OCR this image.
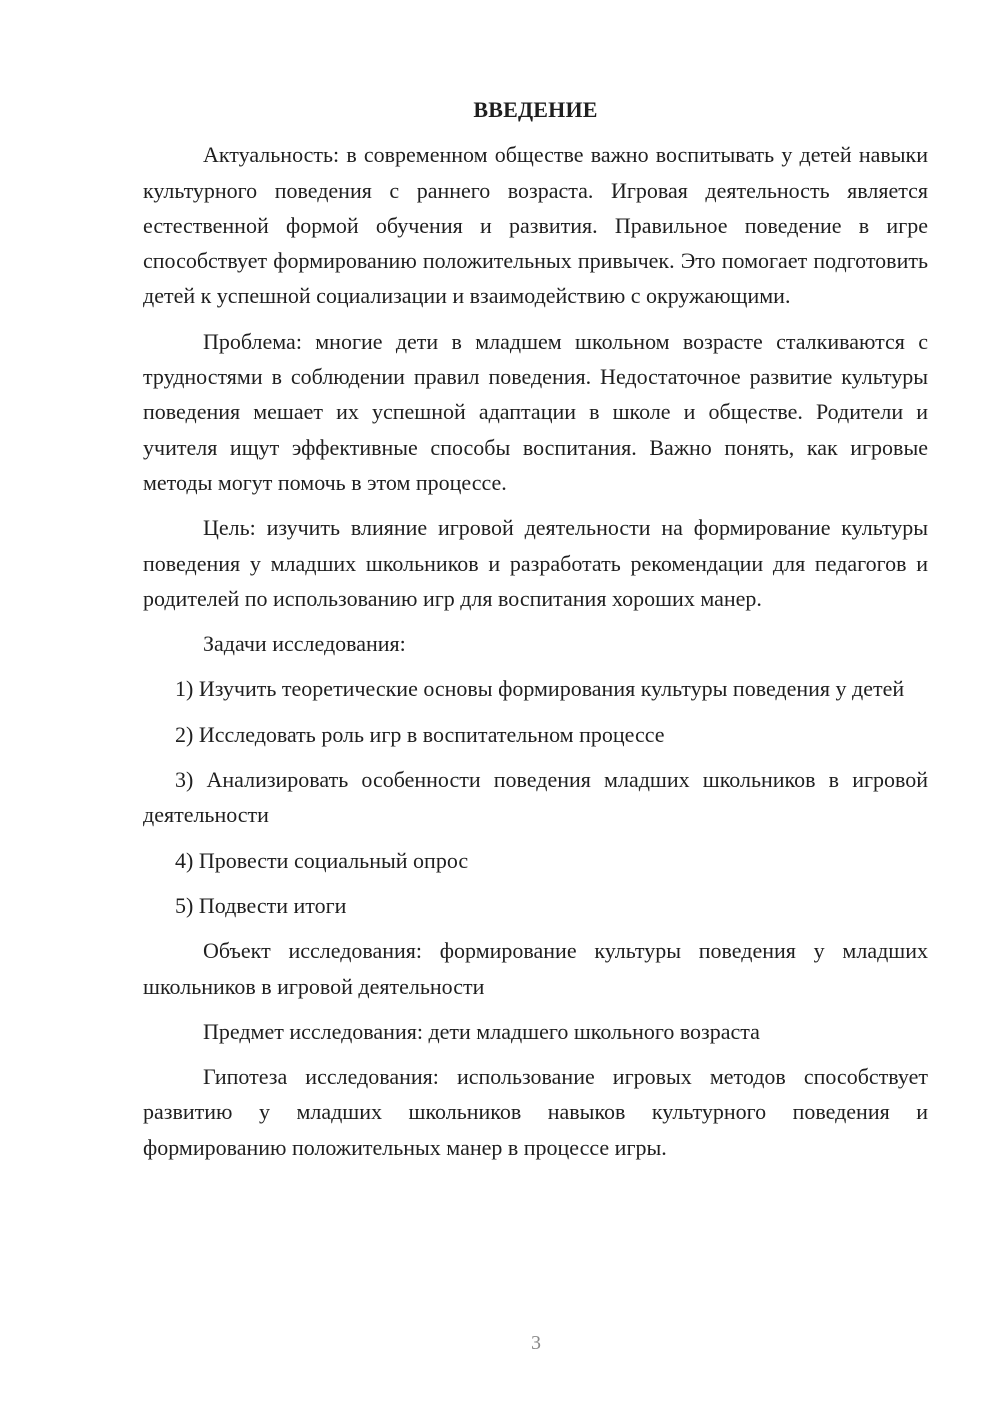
ВВЕДЕНИЕ
Актуальность: в современном обществе важно воспитывать у детей навыки культурного поведения с раннего возраста. Игровая деятельность является естественной формой обучения и развития. Правильное поведение в игре способствует формированию положительных привычек. Это помогает подготовить детей к успешной социализации и взаимодействию с окружающими.
Проблема: многие дети в младшем школьном возрасте сталкиваются с трудностями в соблюдении правил поведения. Недостаточное развитие культуры поведения мешает их успешной адаптации в школе и обществе. Родители и учителя ищут эффективные способы воспитания. Важно понять, как игровые методы могут помочь в этом процессе.
Цель: изучить влияние игровой деятельности на формирование культуры поведения у младших школьников и разработать рекомендации для педагогов и родителей по использованию игр для воспитания хороших манер.
Задачи исследования:
1) Изучить теоретические основы формирования культуры поведения у детей
2) Исследовать роль игр в воспитательном процессе
3) Анализировать особенности поведения младших школьников в игровой деятельности
4) Провести социальный опрос
5) Подвести итоги
Объект исследования: формирование культуры поведения у младших школьников в игровой деятельности
Предмет исследования: дети младшего школьного возраста
Гипотеза исследования: использование игровых методов способствует развитию у младших школьников навыков культурного поведения и формированию положительных манер в процессе игры.
3
